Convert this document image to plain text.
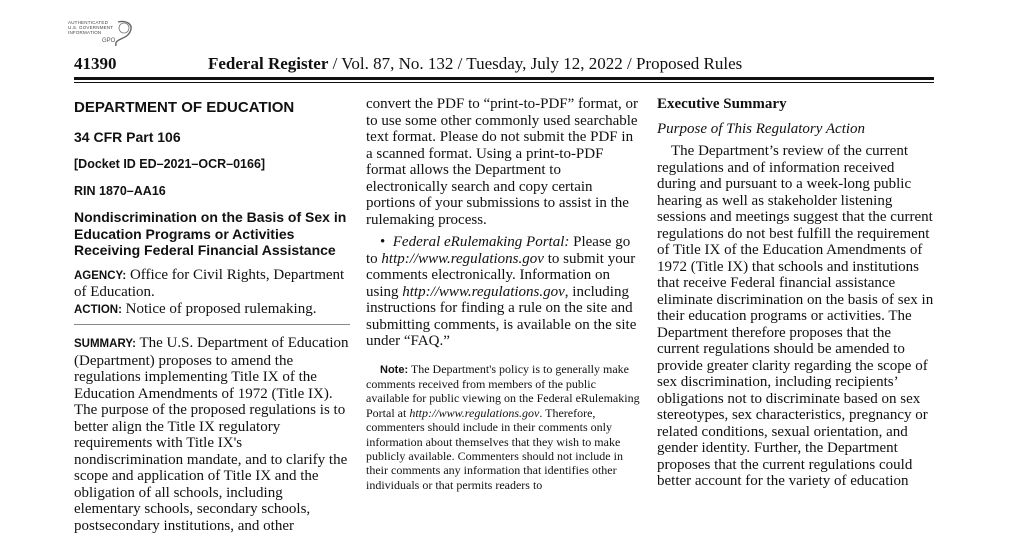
AUTHENTICATED
U.S. GOVERNMENT
INFORMATION
GPO
41390	Federal Register / Vol. 87, No. 132 / Tuesday, July 12, 2022 / Proposed Rules
DEPARTMENT OF EDUCATION
34 CFR Part 106
[Docket ID ED–2021–OCR–0166]
RIN 1870–AA16
Nondiscrimination on the Basis of Sex in Education Programs or Activities Receiving Federal Financial Assistance

AGENCY: Office for Civil Rights, Department of Education.

ACTION: Notice of proposed rulemaking.

SUMMARY: The U.S. Department of Education (Department) proposes to amend the regulations implementing Title IX of the Education Amendments of 1972 (Title IX). The purpose of the proposed regulations is to better align the Title IX regulatory requirements with Title IX's nondiscrimination mandate, and to clarify the scope and application of Title IX and the obligation of all schools, including elementary schools, secondary schools, postsecondary institutions, and other

convert the PDF to “print-to-PDF” format, or to use some other commonly used searchable text format. Please do not submit the PDF in a scanned format. Using a print-to-PDF format allows the Department to electronically search and copy certain portions of your submissions to assist in the rulemaking process.

• Federal eRulemaking Portal: Please go to http://www.regulations.gov to submit your comments electronically. Information on using http://www.regulations.gov, including instructions for finding a rule on the site and submitting comments, is available on the site under “FAQ.”

Note: The Department's policy is to generally make comments received from members of the public available for public viewing on the Federal eRulemaking Portal at http://www.regulations.gov. Therefore, commenters should include in their comments only information about themselves that they wish to make publicly available. Commenters should not include in their comments any information that identifies other individuals or that permits readers to

Executive Summary
Purpose of This Regulatory Action

The Department’s review of the current regulations and of information received during and pursuant to a week-long public hearing as well as stakeholder listening sessions and meetings suggest that the current regulations do not best fulfill the requirement of Title IX of the Education Amendments of 1972 (Title IX) that schools and institutions that receive Federal financial assistance eliminate discrimination on the basis of sex in their education programs or activities. The Department therefore proposes that the current regulations should be amended to provide greater clarity regarding the scope of sex discrimination, including recipients’ obligations not to discriminate based on sex stereotypes, sex characteristics, pregnancy or related conditions, sexual orientation, and gender identity. Further, the Department proposes that the current regulations could better account for the variety of education
